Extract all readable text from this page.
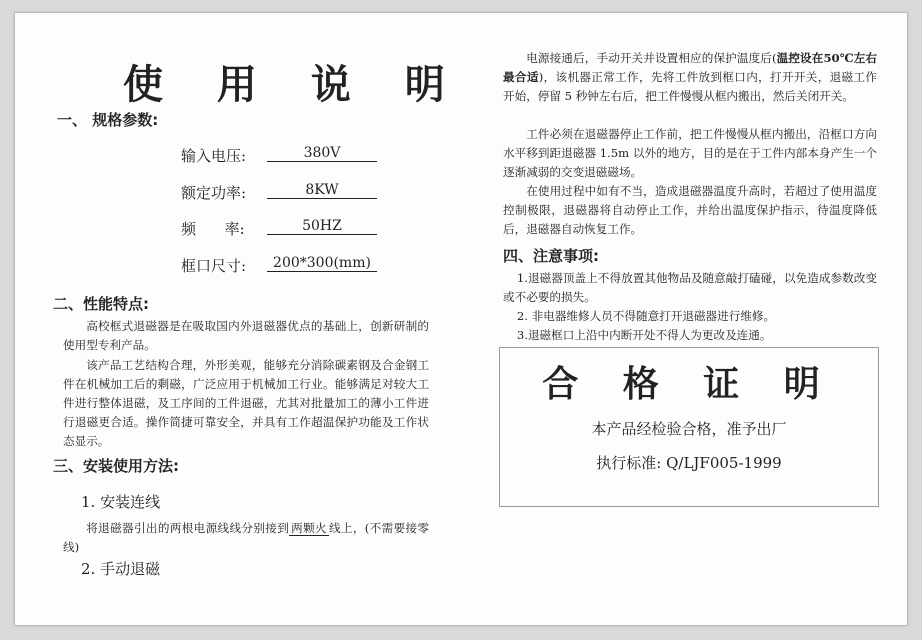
使 用 说 明
一、 规格参数:
输入电压:	380V
额定功率:	8KW
频      率:	50HZ
框口尺寸:	200*300(mm)
二、性能特点:
高校框式退磁器是在吸取国内外退磁器优点的基础上，创新研制的使用型专利产品。
该产品工艺结构合理，外形美观，能够充分消除碳素钢及合金钢工件在机械加工后的剩磁，广泛应用于机械加工行业。能够满足对较大工件进行整体退磁，及工序间的工件退磁，尤其对批量加工的薄小工件进行退磁更合适。操作简捷可靠安全，并具有工作超温保护功能及工作状态显示。
三、安装使用方法:
1. 安装连线
将退磁器引出的两根电源线线分别接到 两颗火 线上，(不需要接零线)
2. 手动退磁
电源接通后，手动开关并设置相应的保护温度后(温控设在50℃左右最合适)，该机器正常工作，先将工件放到框口内，打开开关，退磁工作开始，停留 5 秒钟左右后，把工件慢慢从框内搬出，然后关闭开关。
工件必须在退磁器停止工作前，把工件慢慢从框内搬出，沿框口方向水平移到距退磁器 1.5m 以外的地方，目的是在于工件内部本身产生一个逐渐减弱的交变退磁磁场。
在使用过程中如有不当，造成退磁器温度升高时，若超过了使用温度控制极限，退磁器将自动停止工作，并给出温度保护指示，待温度降低后，退磁器自动恢复工作。
四、注意事项:
1.退磁器顶盖上不得放置其他物品及随意敲打磕碰，以免造成参数改变或不必要的损失。
2. 非电器维修人员不得随意打开退磁器进行维修。
3.退磁框口上沿中内断开处不得人为更改及连通。
合 格 证 明
本产品经检验合格，准予出厂
执行标准: Q/LJF005-1999
